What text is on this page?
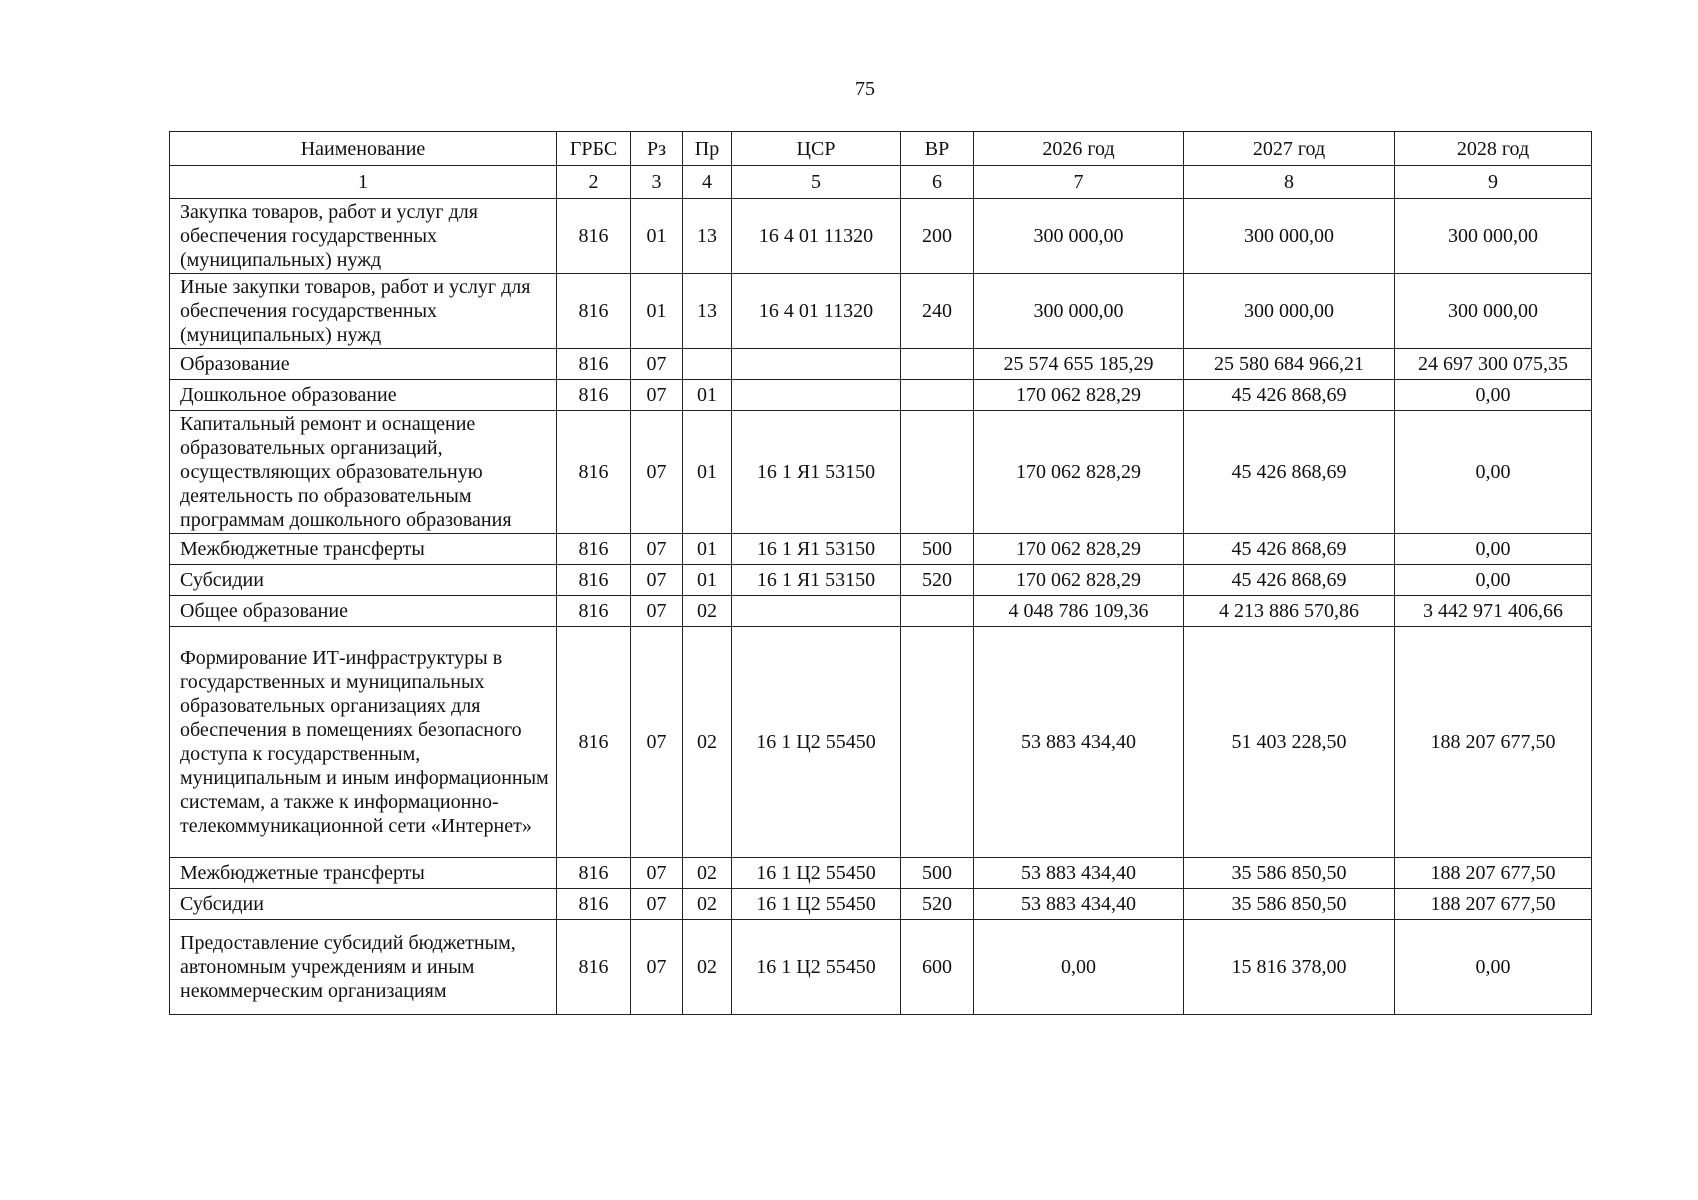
75
Наименование	ГРБС	Рз	Пр	ЦСР	ВР	2026 год	2027 год	2028 год
1	2	3	4	5	6	7	8	9
Закупка товаров, работ и услуг для обеспечения государственных (муниципальных) нужд	816	01	13	16 4 01 11320	200	300 000,00	300 000,00	300 000,00
Иные закупки товаров, работ и услуг для обеспечения государственных (муниципальных) нужд	816	01	13	16 4 01 11320	240	300 000,00	300 000,00	300 000,00
Образование	816	07				25 574 655 185,29	25 580 684 966,21	24 697 300 075,35
Дошкольное образование	816	07	01			170 062 828,29	45 426 868,69	0,00
Капитальный ремонт и оснащение образовательных организаций, осуществляющих образовательную деятельность по образовательным программам дошкольного образования	816	07	01	16 1 Я1 53150		170 062 828,29	45 426 868,69	0,00
Межбюджетные трансферты	816	07	01	16 1 Я1 53150	500	170 062 828,29	45 426 868,69	0,00
Субсидии	816	07	01	16 1 Я1 53150	520	170 062 828,29	45 426 868,69	0,00
Общее образование	816	07	02			4 048 786 109,36	4 213 886 570,86	3 442 971 406,66
Формирование ИТ-инфраструктуры в государственных и муниципальных образовательных организациях для обеспечения в помещениях безопасного доступа к государственным, муниципальным и иным информационным системам, а также к информационно-телекоммуникационной сети «Интернет»	816	07	02	16 1 Ц2 55450		53 883 434,40	51 403 228,50	188 207 677,50
Межбюджетные трансферты	816	07	02	16 1 Ц2 55450	500	53 883 434,40	35 586 850,50	188 207 677,50
Субсидии	816	07	02	16 1 Ц2 55450	520	53 883 434,40	35 586 850,50	188 207 677,50
Предоставление субсидий бюджетным, автономным учреждениям и иным некоммерческим организациям	816	07	02	16 1 Ц2 55450	600	0,00	15 816 378,00	0,00
